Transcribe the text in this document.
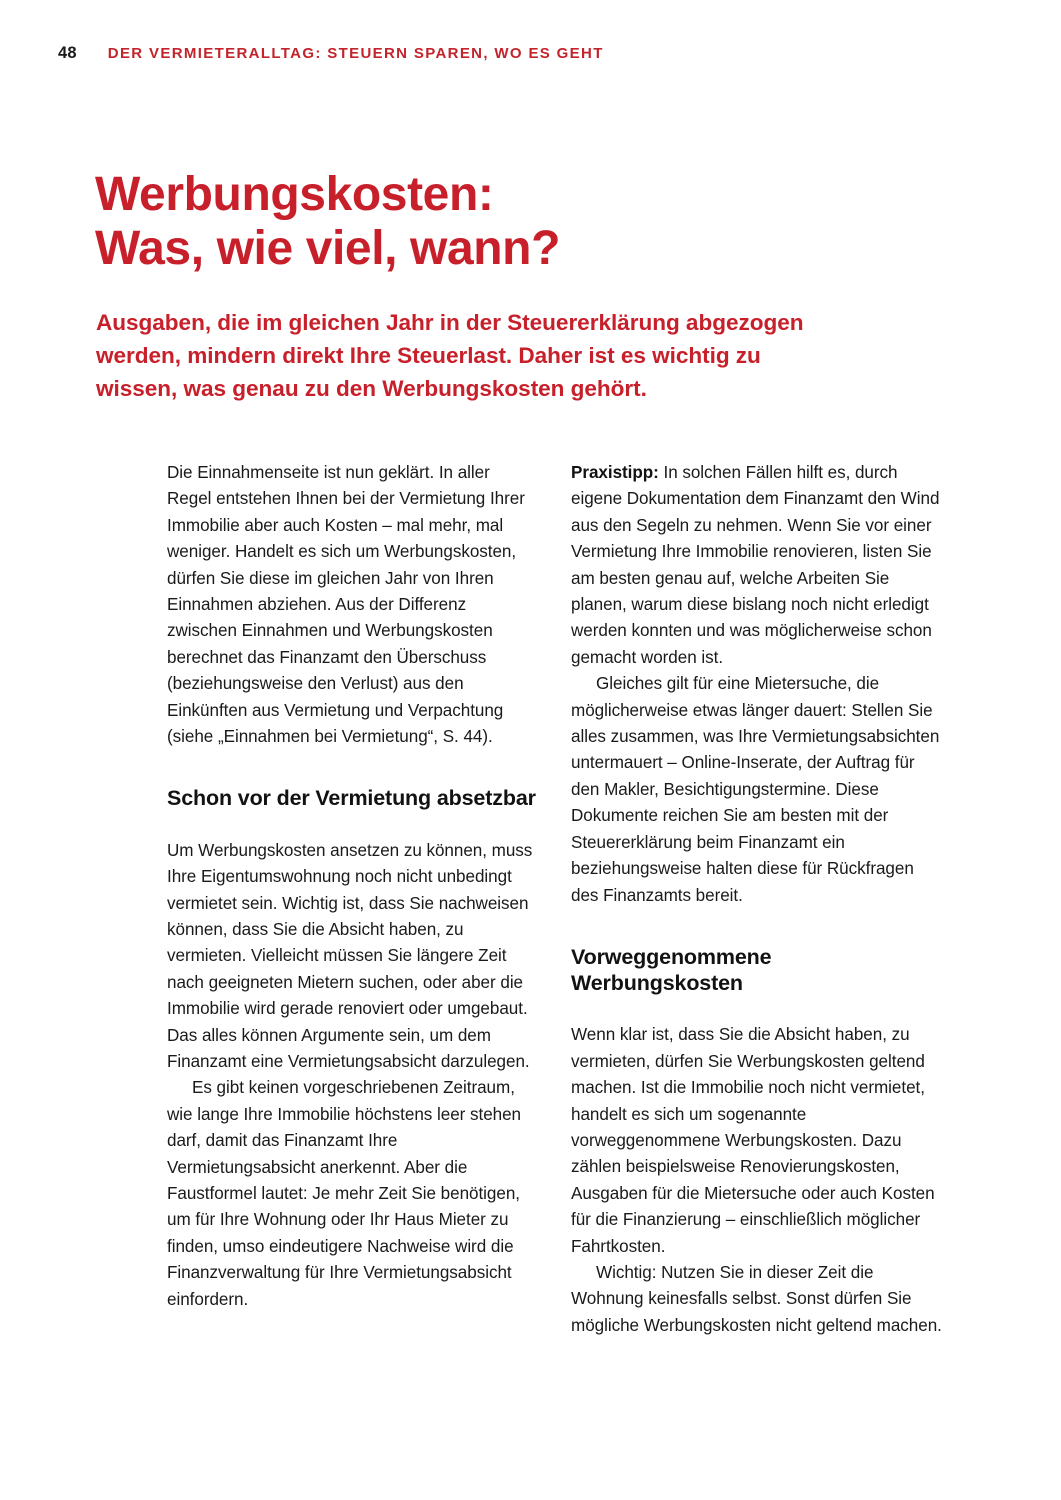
48 DER VERMIETERALLTAG: STEUERN SPAREN, WO ES GEHT
Werbungskosten:
Was, wie viel, wann?

Ausgaben, die im gleichen Jahr in der Steuererklärung abgezogen werden, mindern direkt Ihre Steuerlast. Daher ist es wichtig zu wissen, was genau zu den Werbungskosten gehört.

Die Einnahmenseite ist nun geklärt. In aller Regel entstehen Ihnen bei der Vermietung Ihrer Immobilie aber auch Kosten – mal mehr, mal weniger. Handelt es sich um Werbungskosten, dürfen Sie diese im gleichen Jahr von Ihren Einnahmen abziehen. Aus der Differenz zwischen Einnahmen und Werbungskosten berechnet das Finanzamt den Überschuss (beziehungsweise den Verlust) aus den Einkünften aus Vermietung und Verpachtung (siehe „Einnahmen bei Vermietung“, S. 44).

Schon vor der Vermietung absetzbar

Um Werbungskosten ansetzen zu können, muss Ihre Eigentumswohnung noch nicht unbedingt vermietet sein. Wichtig ist, dass Sie nachweisen können, dass Sie die Absicht haben, zu vermieten. Vielleicht müssen Sie längere Zeit nach geeigneten Mietern suchen, oder aber die Immobilie wird gerade renoviert oder umgebaut. Das alles können Argumente sein, um dem Finanzamt eine Vermietungsabsicht darzulegen.

Es gibt keinen vorgeschriebenen Zeitraum, wie lange Ihre Immobilie höchstens leer stehen darf, damit das Finanzamt Ihre Vermietungsabsicht anerkennt. Aber die Faustformel lautet: Je mehr Zeit Sie benötigen, um für Ihre Wohnung oder Ihr Haus Mieter zu finden, umso eindeutigere Nachweise wird die Finanzverwaltung für Ihre Vermietungsabsicht einfordern.

Praxistipp: In solchen Fällen hilft es, durch eigene Dokumentation dem Finanzamt den Wind aus den Segeln zu nehmen. Wenn Sie vor einer Vermietung Ihre Immobilie renovieren, listen Sie am besten genau auf, welche Arbeiten Sie planen, warum diese bislang noch nicht erledigt werden konnten und was möglicherweise schon gemacht worden ist.

Gleiches gilt für eine Mietersuche, die möglicherweise etwas länger dauert: Stellen Sie alles zusammen, was Ihre Vermietungsabsichten untermauert – Online-Inserate, der Auftrag für den Makler, Besichtigungstermine. Diese Dokumente reichen Sie am besten mit der Steuererklärung beim Finanzamt ein beziehungsweise halten diese für Rückfragen des Finanzamts bereit.

Vorweggenommene Werbungskosten

Wenn klar ist, dass Sie die Absicht haben, zu vermieten, dürfen Sie Werbungskosten geltend machen. Ist die Immobilie noch nicht vermietet, handelt es sich um sogenannte vorweggenommene Werbungskosten. Dazu zählen beispielsweise Renovierungskosten, Ausgaben für die Mietersuche oder auch Kosten für die Finanzierung – einschließlich möglicher Fahrtkosten.

Wichtig: Nutzen Sie in dieser Zeit die Wohnung keinesfalls selbst. Sonst dürfen Sie mögliche Werbungskosten nicht geltend machen.
